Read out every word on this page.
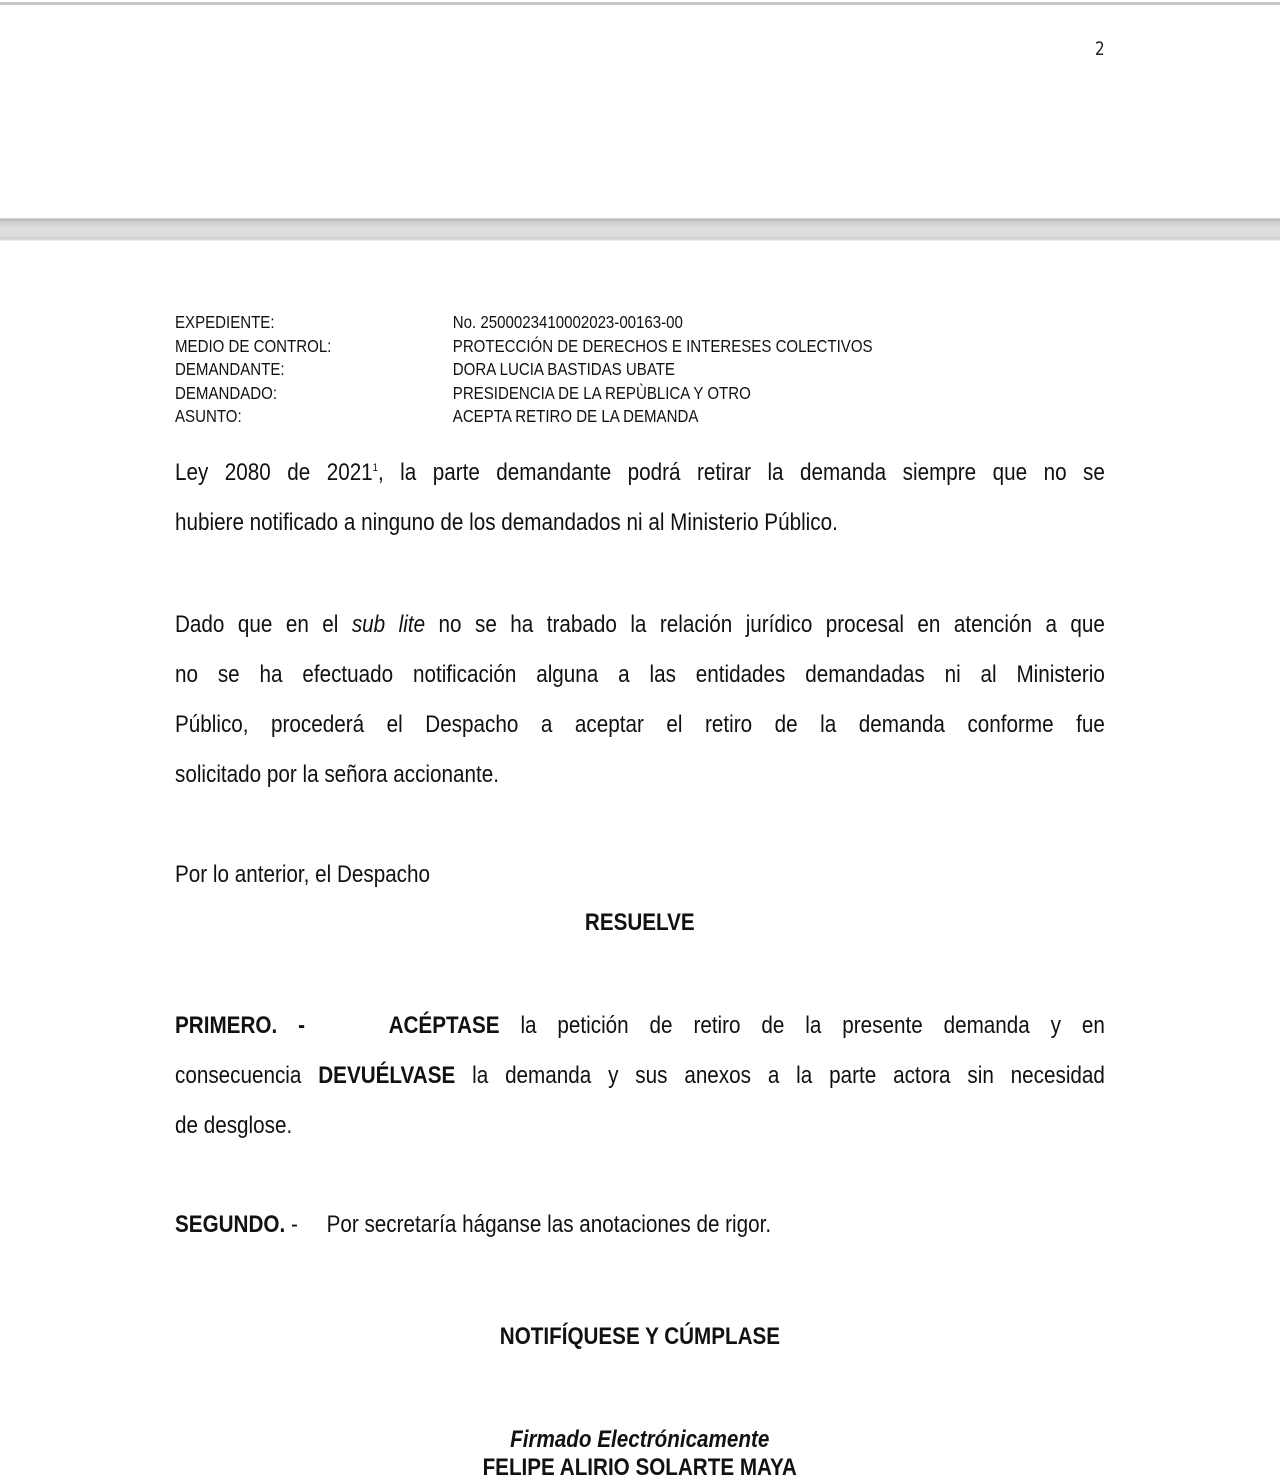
2
EXPEDIENTE:	No. 2500023410002023-00163-00
MEDIO DE CONTROL:	PROTECCIÓN DE DERECHOS E INTERESES COLECTIVOS
DEMANDANTE:	DORA LUCIA BASTIDAS UBATE
DEMANDADO:	PRESIDENCIA DE LA REPÙBLICA Y OTRO
ASUNTO:	ACEPTA RETIRO DE LA DEMANDA
Ley 2080 de 2021$^1$, la parte demandante podrá retirar la demanda siempre que no se
hubiere notificado a ninguno de los demandados ni al Ministerio Público.
Dado que en el sub lite no se ha trabado la relación jurídico procesal en atención a que
no se ha efectuado notificación alguna a las entidades demandadas ni al Ministerio
Público, procederá el Despacho a aceptar el retiro de la demanda conforme fue
solicitado por la señora accionante.
Por lo anterior, el Despacho
RESUELVE
PRIMERO. -	ACÉPTASE la petición de retiro de la presente demanda y en
consecuencia DEVUÉLVASE la demanda y sus anexos a la parte actora sin necesidad
de desglose.
SEGUNDO. - Por secretaría háganse las anotaciones de rigor.
NOTIFÍQUESE Y CÚMPLASE
Firmado Electrónicamente
FELIPE ALIRIO SOLARTE MAYA
